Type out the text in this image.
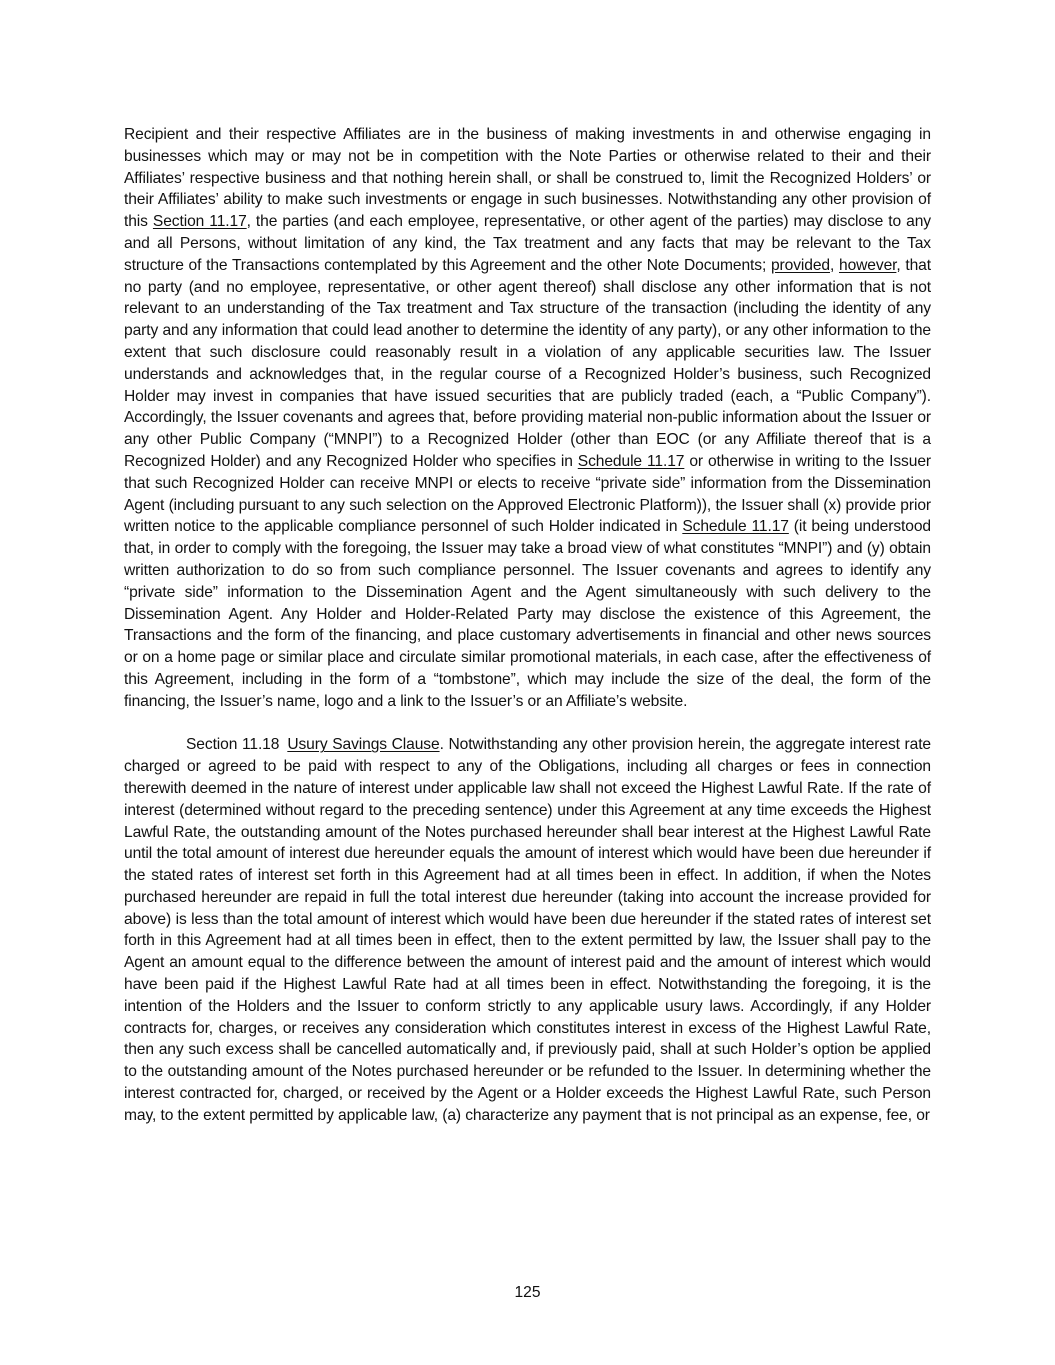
Recipient and their respective Affiliates are in the business of making investments in and otherwise engaging in businesses which may or may not be in competition with the Note Parties or otherwise related to their and their Affiliates’ respective business and that nothing herein shall, or shall be construed to, limit the Recognized Holders’ or their Affiliates’ ability to make such investments or engage in such businesses. Notwithstanding any other provision of this Section 11.17, the parties (and each employee, representative, or other agent of the parties) may disclose to any and all Persons, without limitation of any kind, the Tax treatment and any facts that may be relevant to the Tax structure of the Transactions contemplated by this Agreement and the other Note Documents; provided, however, that no party (and no employee, representative, or other agent thereof) shall disclose any other information that is not relevant to an understanding of the Tax treatment and Tax structure of the transaction (including the identity of any party and any information that could lead another to determine the identity of any party), or any other information to the extent that such disclosure could reasonably result in a violation of any applicable securities law. The Issuer understands and acknowledges that, in the regular course of a Recognized Holder’s business, such Recognized Holder may invest in companies that have issued securities that are publicly traded (each, a “Public Company”). Accordingly, the Issuer covenants and agrees that, before providing material non-public information about the Issuer or any other Public Company (“MNPI”) to a Recognized Holder (other than EOC (or any Affiliate thereof that is a Recognized Holder) and any Recognized Holder who specifies in Schedule 11.17 or otherwise in writing to the Issuer that such Recognized Holder can receive MNPI or elects to receive “private side” information from the Dissemination Agent (including pursuant to any such selection on the Approved Electronic Platform)), the Issuer shall (x) provide prior written notice to the applicable compliance personnel of such Holder indicated in Schedule 11.17 (it being understood that, in order to comply with the foregoing, the Issuer may take a broad view of what constitutes “MNPI”) and (y) obtain written authorization to do so from such compliance personnel. The Issuer covenants and agrees to identify any “private side” information to the Dissemination Agent and the Agent simultaneously with such delivery to the Dissemination Agent. Any Holder and Holder-Related Party may disclose the existence of this Agreement, the Transactions and the form of the financing, and place customary advertisements in financial and other news sources or on a home page or similar place and circulate similar promotional materials, in each case, after the effectiveness of this Agreement, including in the form of a “tombstone”, which may include the size of the deal, the form of the financing, the Issuer’s name, logo and a link to the Issuer’s or an Affiliate’s website.

Section 11.18 Usury Savings Clause. Notwithstanding any other provision herein, the aggregate interest rate charged or agreed to be paid with respect to any of the Obligations, including all charges or fees in connection therewith deemed in the nature of interest under applicable law shall not exceed the Highest Lawful Rate. If the rate of interest (determined without regard to the preceding sentence) under this Agreement at any time exceeds the Highest Lawful Rate, the outstanding amount of the Notes purchased hereunder shall bear interest at the Highest Lawful Rate until the total amount of interest due hereunder equals the amount of interest which would have been due hereunder if the stated rates of interest set forth in this Agreement had at all times been in effect. In addition, if when the Notes purchased hereunder are repaid in full the total interest due hereunder (taking into account the increase provided for above) is less than the total amount of interest which would have been due hereunder if the stated rates of interest set forth in this Agreement had at all times been in effect, then to the extent permitted by law, the Issuer shall pay to the Agent an amount equal to the difference between the amount of interest paid and the amount of interest which would have been paid if the Highest Lawful Rate had at all times been in effect. Notwithstanding the foregoing, it is the intention of the Holders and the Issuer to conform strictly to any applicable usury laws. Accordingly, if any Holder contracts for, charges, or receives any consideration which constitutes interest in excess of the Highest Lawful Rate, then any such excess shall be cancelled automatically and, if previously paid, shall at such Holder’s option be applied to the outstanding amount of the Notes purchased hereunder or be refunded to the Issuer. In determining whether the interest contracted for, charged, or received by the Agent or a Holder exceeds the Highest Lawful Rate, such Person may, to the extent permitted by applicable law, (a) characterize any payment that is not principal as an expense, fee, or

125
